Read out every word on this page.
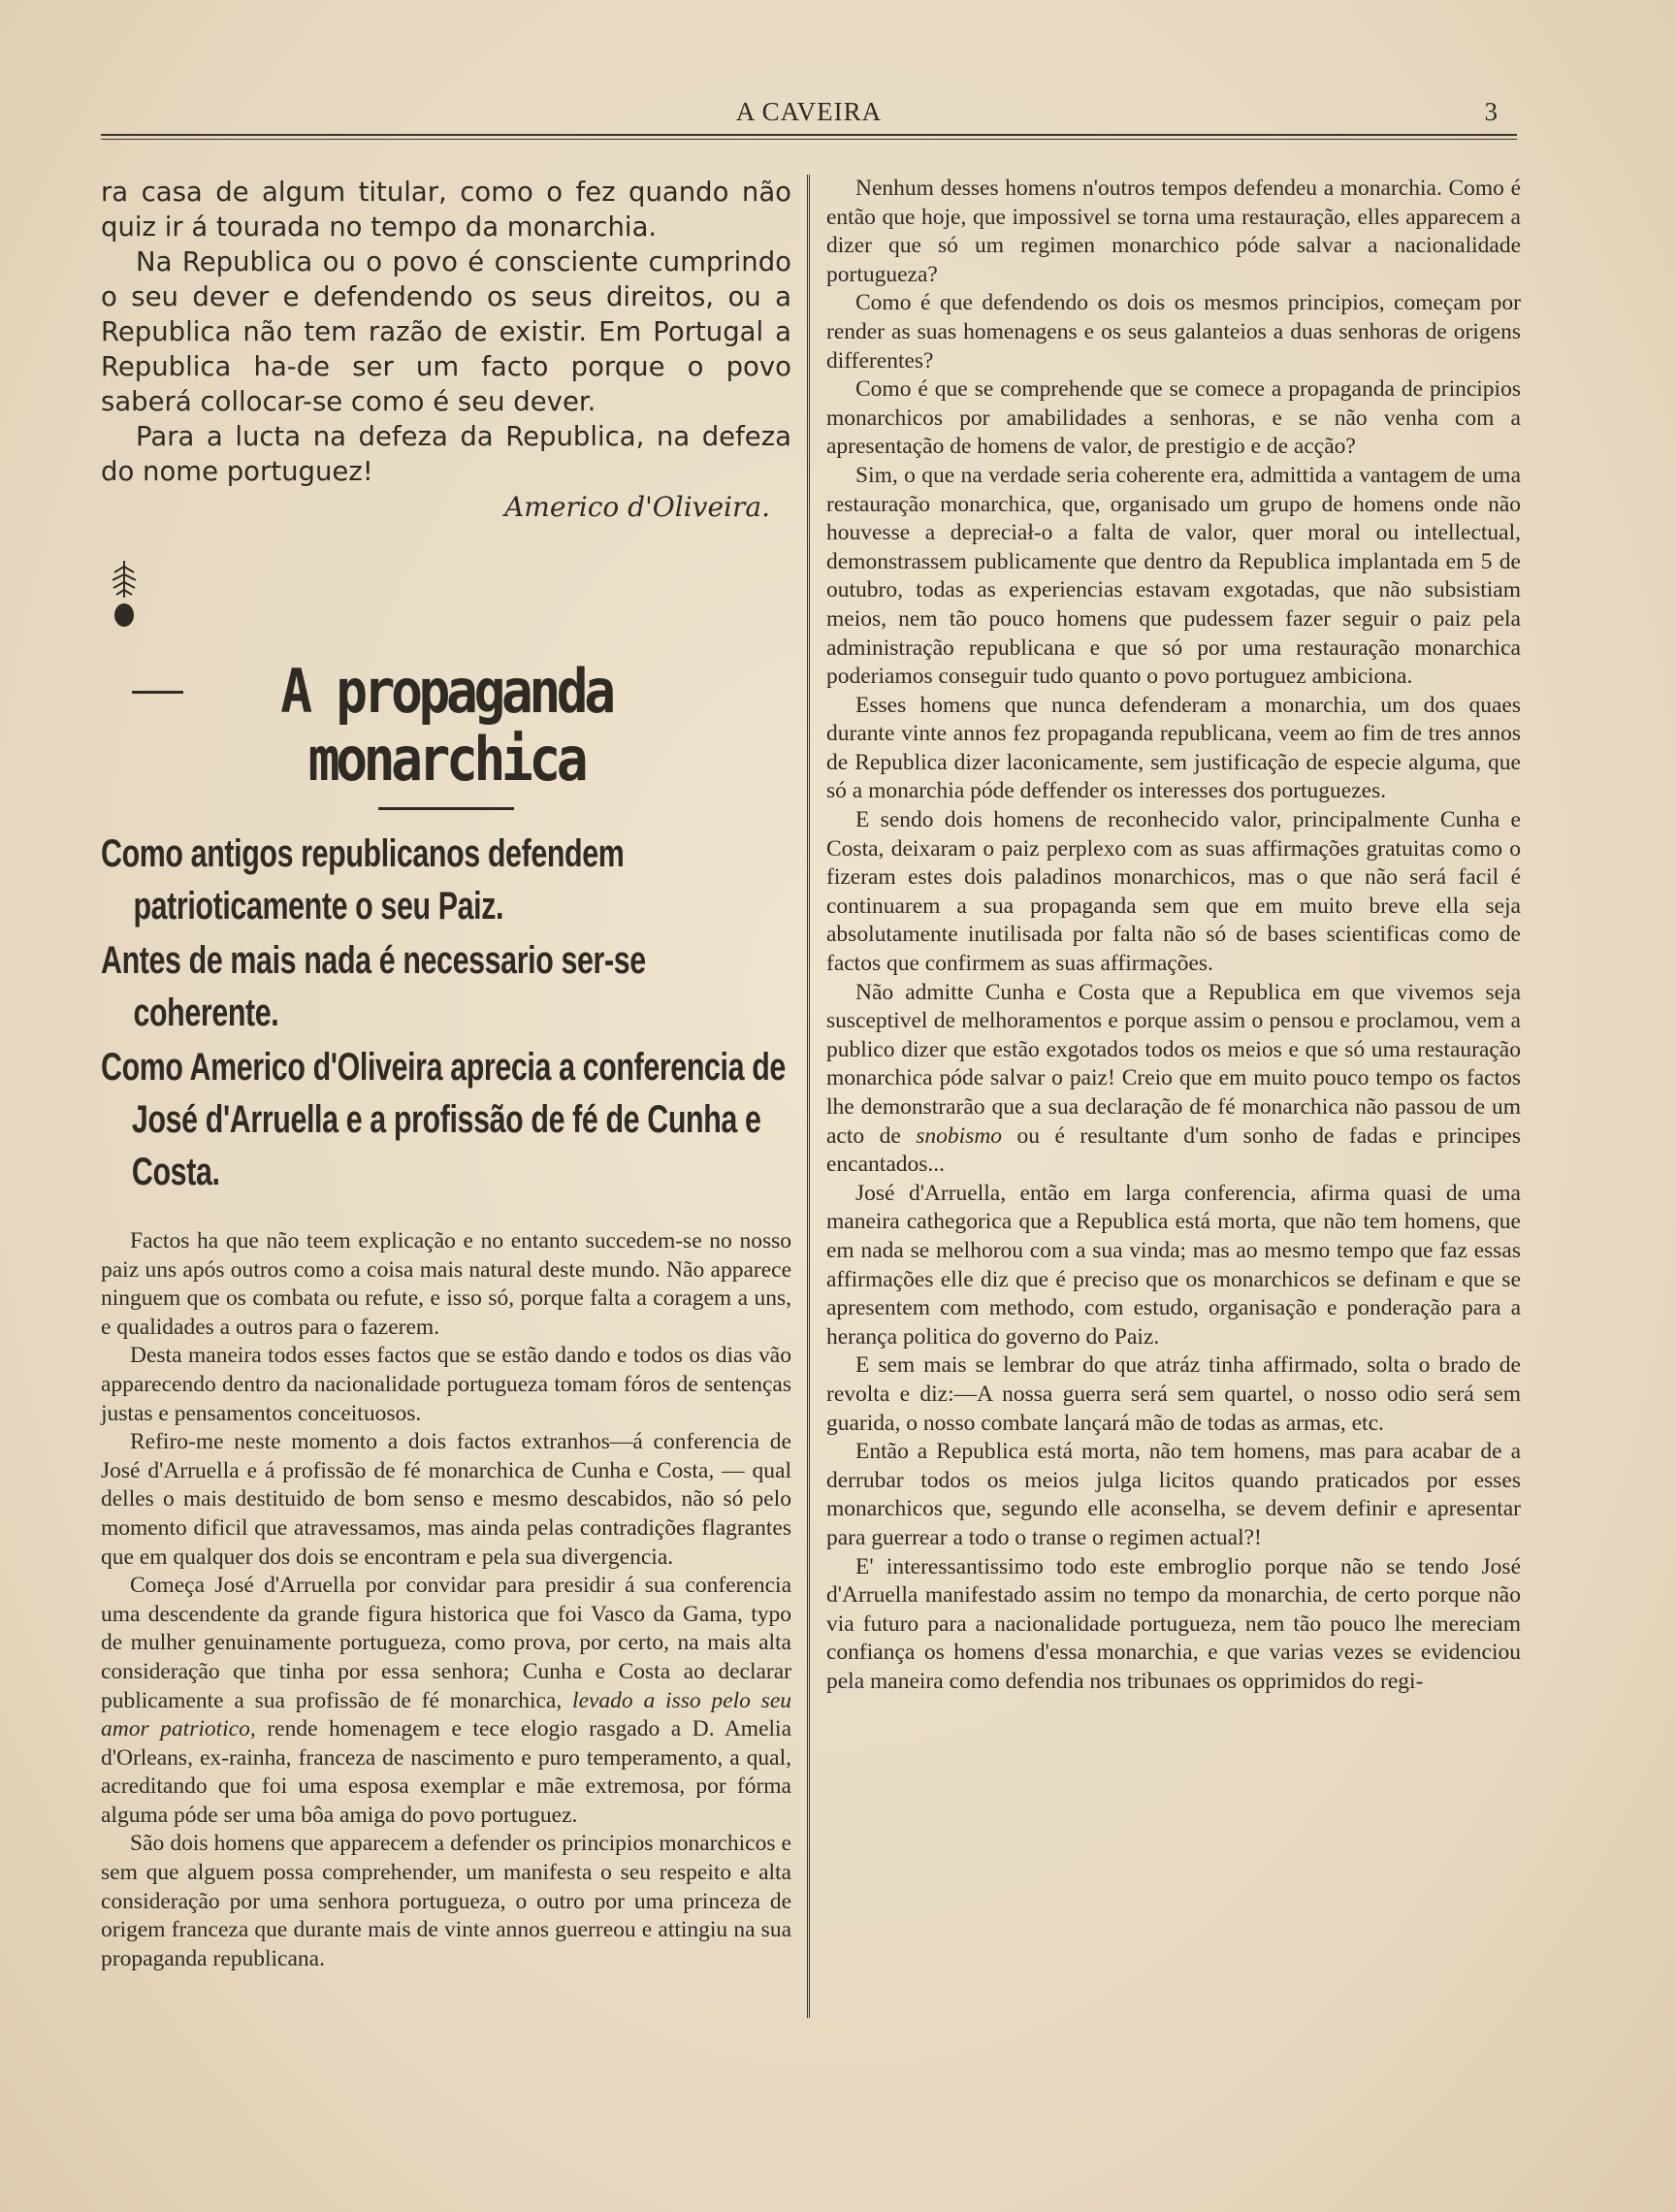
A CAVEIRA	3

ra casa de algum titular, como o fez quando não quiz ir á tourada no tempo da monarchia.

Na Republica ou o povo é consciente cumprindo o seu dever e defendendo os seus direitos, ou a Republica não tem razão de existir. Em Portugal a Republica ha-de ser um facto porque o povo saberá collocar-se como é seu dever.

Para a lucta na defeza da Republica, na defeza do nome portuguez!

Americo d'Oliveira.
A propaganda monarchica

Como antigos republicanos defendem patrioticamente o seu Paiz.

Antes de mais nada é necessario ser-se coherente.

Como Americo d'Oliveira aprecia a conferencia de José d'Arruella e a profissão de fé de Cunha e Costa.

Factos ha que não teem explicação e no entanto succedem-se no nosso paiz uns após outros como a coisa mais natural deste mundo. Não apparece ninguem que os combata ou refute, e isso só, porque falta a coragem a uns, e qualidades a outros para o fazerem.

Desta maneira todos esses factos que se estão dando e todos os dias vão apparecendo dentro da nacionalidade portugueza tomam fóros de sentenças justas e pensamentos conceituosos.

Refiro-me neste momento a dois factos extranhos—á conferencia de José d'Arruella e á profissão de fé monarchica de Cunha e Costa, — qual delles o mais destituido de bom senso e mesmo descabidos, não só pelo momento dificil que atravessamos, mas ainda pelas contradições flagrantes que em qualquer dos dois se encontram e pela sua divergencia.

Começa José d'Arruella por convidar para presidir á sua conferencia uma descendente da grande figura historica que foi Vasco da Gama, typo de mulher genuinamente portugueza, como prova, por certo, na mais alta consideração que tinha por essa senhora; Cunha e Costa ao declarar publicamente a sua profissão de fé monarchica, levado a isso pelo seu amor patriotico, rende homenagem e tece elogio rasgado a D. Amelia d'Orleans, ex-rainha, franceza de nascimento e puro temperamento, a qual, acreditando que foi uma esposa exemplar e mãe extremosa, por fórma alguma póde ser uma bôa amiga do povo portuguez.

São dois homens que apparecem a defender os principios monarchicos e sem que alguem possa comprehender, um manifesta o seu respeito e alta consideração por uma senhora portugueza, o outro por uma princeza de origem franceza que durante mais de vinte annos guerreou e attingiu na sua propaganda republicana.

Nenhum desses homens n'outros tempos defendeu a monarchia. Como é então que hoje, que impossivel se torna uma restauração, elles apparecem a dizer que só um regimen monarchico póde salvar a nacionalidade portugueza?

Como é que defendendo os dois os mesmos principios, começam por render as suas homenagens e os seus galanteios a duas senhoras de origens differentes?

Como é que se comprehende que se comece a propaganda de principios monarchicos por amabilidades a senhoras, e se não venha com a apresentação de homens de valor, de prestigio e de acção?

Sim, o que na verdade seria coherente era, admittida a vantagem de uma restauração monarchica, que, organisado um grupo de homens onde não houvesse a depreciał-o a falta de valor, quer moral ou intellectual, demonstrassem publicamente que dentro da Republica implantada em 5 de outubro, todas as experiencias estavam exgotadas, que não subsistiam meios, nem tão pouco homens que pudessem fazer seguir o paiz pela administração republicana e que só por uma restauração monarchica poderiamos conseguir tudo quanto o povo portuguez ambiciona.

Esses homens que nunca defenderam a monarchia, um dos quaes durante vinte annos fez propaganda republicana, veem ao fim de tres annos de Republica dizer laconicamente, sem justificação de especie alguma, que só a monarchia póde deffender os interesses dos portuguezes.

E sendo dois homens de reconhecido valor, principalmente Cunha e Costa, deixaram o paiz perplexo com as suas affirmações gratuitas como o fizeram estes dois paladinos monarchicos, mas o que não será facil é continuarem a sua propaganda sem que em muito breve ella seja absolutamente inutilisada por falta não só de bases scientificas como de factos que confirmem as suas affirmações.

Não admitte Cunha e Costa que a Republica em que vivemos seja susceptivel de melhoramentos e porque assim o pensou e proclamou, vem a publico dizer que estão exgotados todos os meios e que só uma restauração monarchica póde salvar o paiz! Creio que em muito pouco tempo os factos lhe demonstrarão que a sua declaração de fé monarchica não passou de um acto de snobismo ou é resultante d'um sonho de fadas e principes encantados...

José d'Arruella, então em larga conferencia, afirma quasi de uma maneira cathegorica que a Republica está morta, que não tem homens, que em nada se melhorou com a sua vinda; mas ao mesmo tempo que faz essas affirmações elle diz que é preciso que os monarchicos se definam e que se apresentem com methodo, com estudo, organisação e ponderação para a herança politica do governo do Paiz.

E sem mais se lembrar do que atráz tinha affirmado, solta o brado de revolta e diz:—A nossa guerra será sem quartel, o nosso odio será sem guarida, o nosso combate lançará mão de todas as armas, etc.

Então a Republica está morta, não tem homens, mas para acabar de a derrubar todos os meios julga licitos quando praticados por esses monarchicos que, segundo elle aconselha, se devem definir e apresentar para guerrear a todo o transe o regimen actual?!

E' interessantissimo todo este embroglio porque não se tendo José d'Arruella manifestado assim no tempo da monarchia, de certo porque não via futuro para a nacionalidade portugueza, nem tão pouco lhe mereciam confiança os homens d'essa monarchia, e que varias vezes se evidenciou pela maneira como defendia nos tribunaes os opprimidos do regi-
